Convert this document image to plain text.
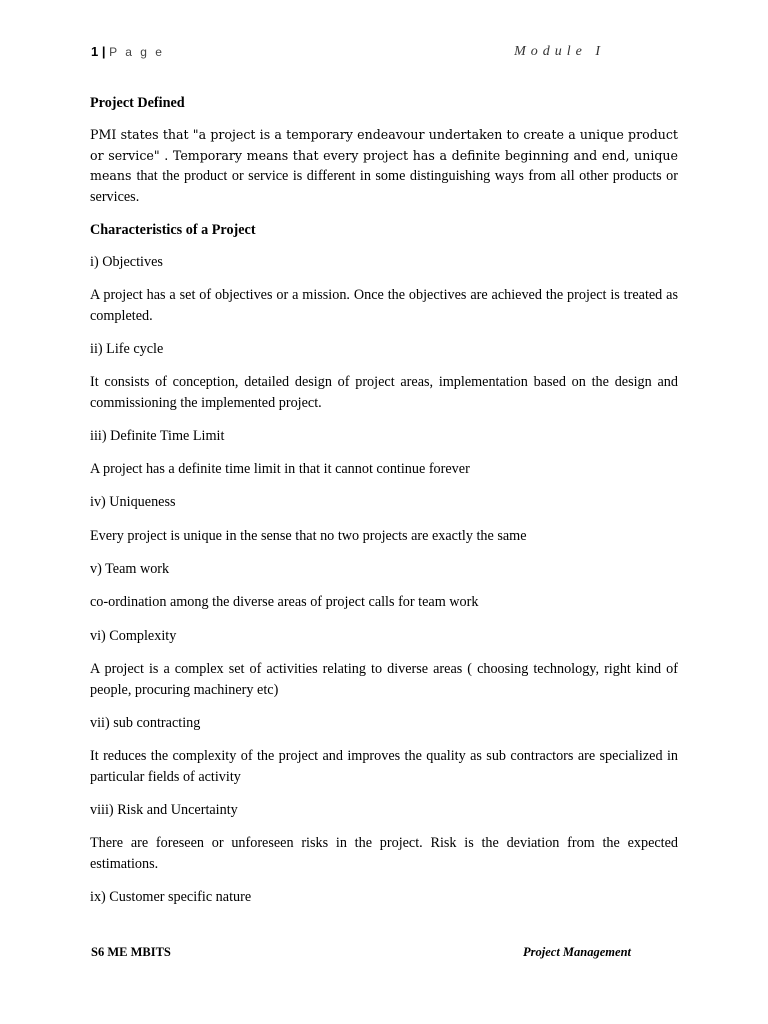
1 | P a g e	Module I
Project Defined

PMI states that "a project is a temporary endeavour undertaken to create a unique product or service" . Temporary means that every project has a definite beginning and end, unique means that the product or service is different in some distinguishing ways from all other products or services.

Characteristics of a Project
i) Objectives

A project has a set of objectives or a mission. Once the objectives are achieved the project is treated as completed.

ii) Life cycle

It consists of conception, detailed design of project areas, implementation based on the design and commissioning the implemented project.

iii) Definite Time Limit

A project has a definite time limit in that it cannot continue forever

iv) Uniqueness

Every project is unique in the sense that no two projects are exactly the same

v) Team work

co-ordination among the diverse areas of project calls for team work

vi) Complexity

A project is a complex set of activities relating to diverse areas ( choosing technology, right kind of people, procuring machinery etc)

vii) sub contracting

It reduces the complexity of the project and improves the quality as sub contractors are specialized in particular fields of activity

viii) Risk and Uncertainty

There are foreseen or unforeseen risks in the project. Risk is the deviation from the expected estimations.

ix) Customer specific nature
S6 ME MBITS	Project Management
